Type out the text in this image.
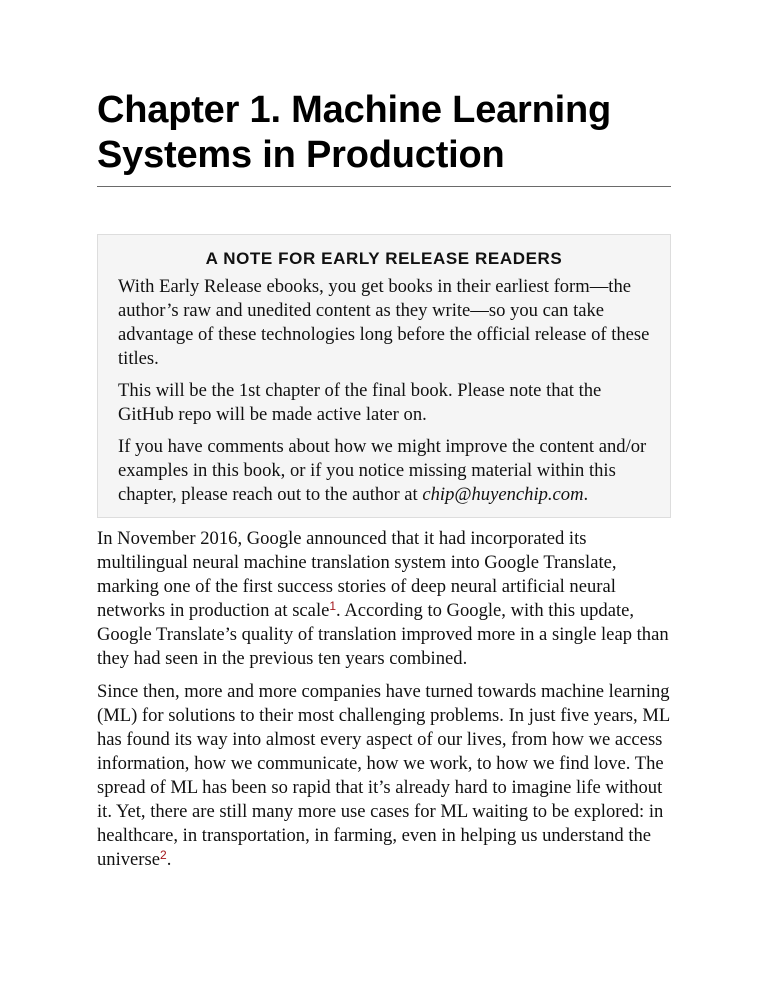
Chapter 1. Machine Learning Systems in Production
A NOTE FOR EARLY RELEASE READERS

With Early Release ebooks, you get books in their earliest form—the author’s raw and unedited content as they write—so you can take advantage of these technologies long before the official release of these titles.

This will be the 1st chapter of the final book. Please note that the GitHub repo will be made active later on.

If you have comments about how we might improve the content and/or examples in this book, or if you notice missing material within this chapter, please reach out to the author at chip@huyenchip.com.

In November 2016, Google announced that it had incorporated its multilingual neural machine translation system into Google Translate, marking one of the first success stories of deep neural artificial neural networks in production at scale$^1$. According to Google, with this update, Google Translate’s quality of translation improved more in a single leap than they had seen in the previous ten years combined.

Since then, more and more companies have turned towards machine learning (ML) for solutions to their most challenging problems. In just five years, ML has found its way into almost every aspect of our lives, from how we access information, how we communicate, how we work, to how we find love. The spread of ML has been so rapid that it’s already hard to imagine life without it. Yet, there are still many more use cases for ML waiting to be explored: in healthcare, in transportation, in farming, even in helping us understand the universe$^2$.
